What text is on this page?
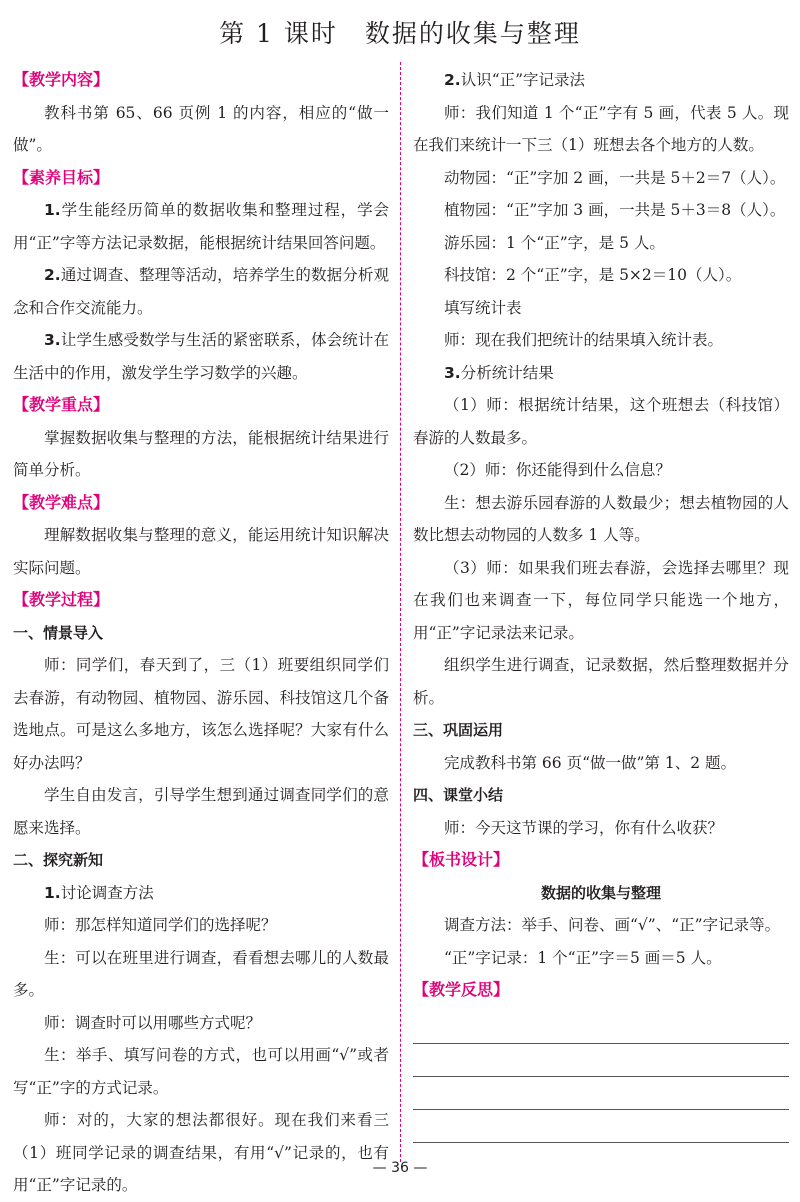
第 1 课时　数据的收集与整理
【教学内容】

教科书第 65、66 页例 1 的内容，相应的“做一做”。

【素养目标】

1.学生能经历简单的数据收集和整理过程，学会用“正”字等方法记录数据，能根据统计结果回答问题。

2.通过调查、整理等活动，培养学生的数据分析观念和合作交流能力。

3.让学生感受数学与生活的紧密联系，体会统计在生活中的作用，激发学生学习数学的兴趣。

【教学重点】

掌握数据收集与整理的方法，能根据统计结果进行简单分析。

【教学难点】

理解数据收集与整理的意义，能运用统计知识解决实际问题。

【教学过程】
一、情景导入

师：同学们，春天到了，三（1）班要组织同学们去春游，有动物园、植物园、游乐园、科技馆这几个备选地点。可是这么多地方，该怎么选择呢？大家有什么好办法吗？

学生自由发言，引导学生想到通过调查同学们的意愿来选择。

二、探究新知

1.讨论调查方法

师：那怎样知道同学们的选择呢？

生：可以在班里进行调查，看看想去哪儿的人数最多。

师：调查时可以用哪些方式呢？

生：举手、填写问卷的方式，也可以用画“√”或者写“正”字的方式记录。

师：对的，大家的想法都很好。现在我们来看三（1）班同学记录的调查结果，有用“√”记录的，也有用“正”字记录的。

2.认识“正”字记录法

师：我们知道 1 个“正”字有 5 画，代表 5 人。现在我们来统计一下三（1）班想去各个地方的人数。

动物园：“正”字加 2 画，一共是 5＋2＝7（人）。

植物园：“正”字加 3 画，一共是 5＋3＝8（人）。

游乐园：1 个“正”字，是 5 人。

科技馆：2 个“正”字，是 5×2＝10（人）。

填写统计表

师：现在我们把统计的结果填入统计表。

3.分析统计结果

（1）师：根据统计结果，这个班想去（科技馆）春游的人数最多。

（2）师：你还能得到什么信息？

生：想去游乐园春游的人数最少；想去植物园的人数比想去动物园的人数多 1 人等。

（3）师：如果我们班去春游，会选择去哪里？现在我们也来调查一下，每位同学只能选一个地方，用“正”字记录法来记录。

组织学生进行调查，记录数据，然后整理数据并分析。

三、巩固运用

完成教科书第 66 页“做一做”第 1、2 题。

四、课堂小结

师：今天这节课的学习，你有什么收获？

【板书设计】
数据的收集与整理

调查方法：举手、问卷、画“√”、“正”字记录等。

“正”字记录：1 个“正”字＝5 画＝5 人。

【教学反思】
— 36 —
